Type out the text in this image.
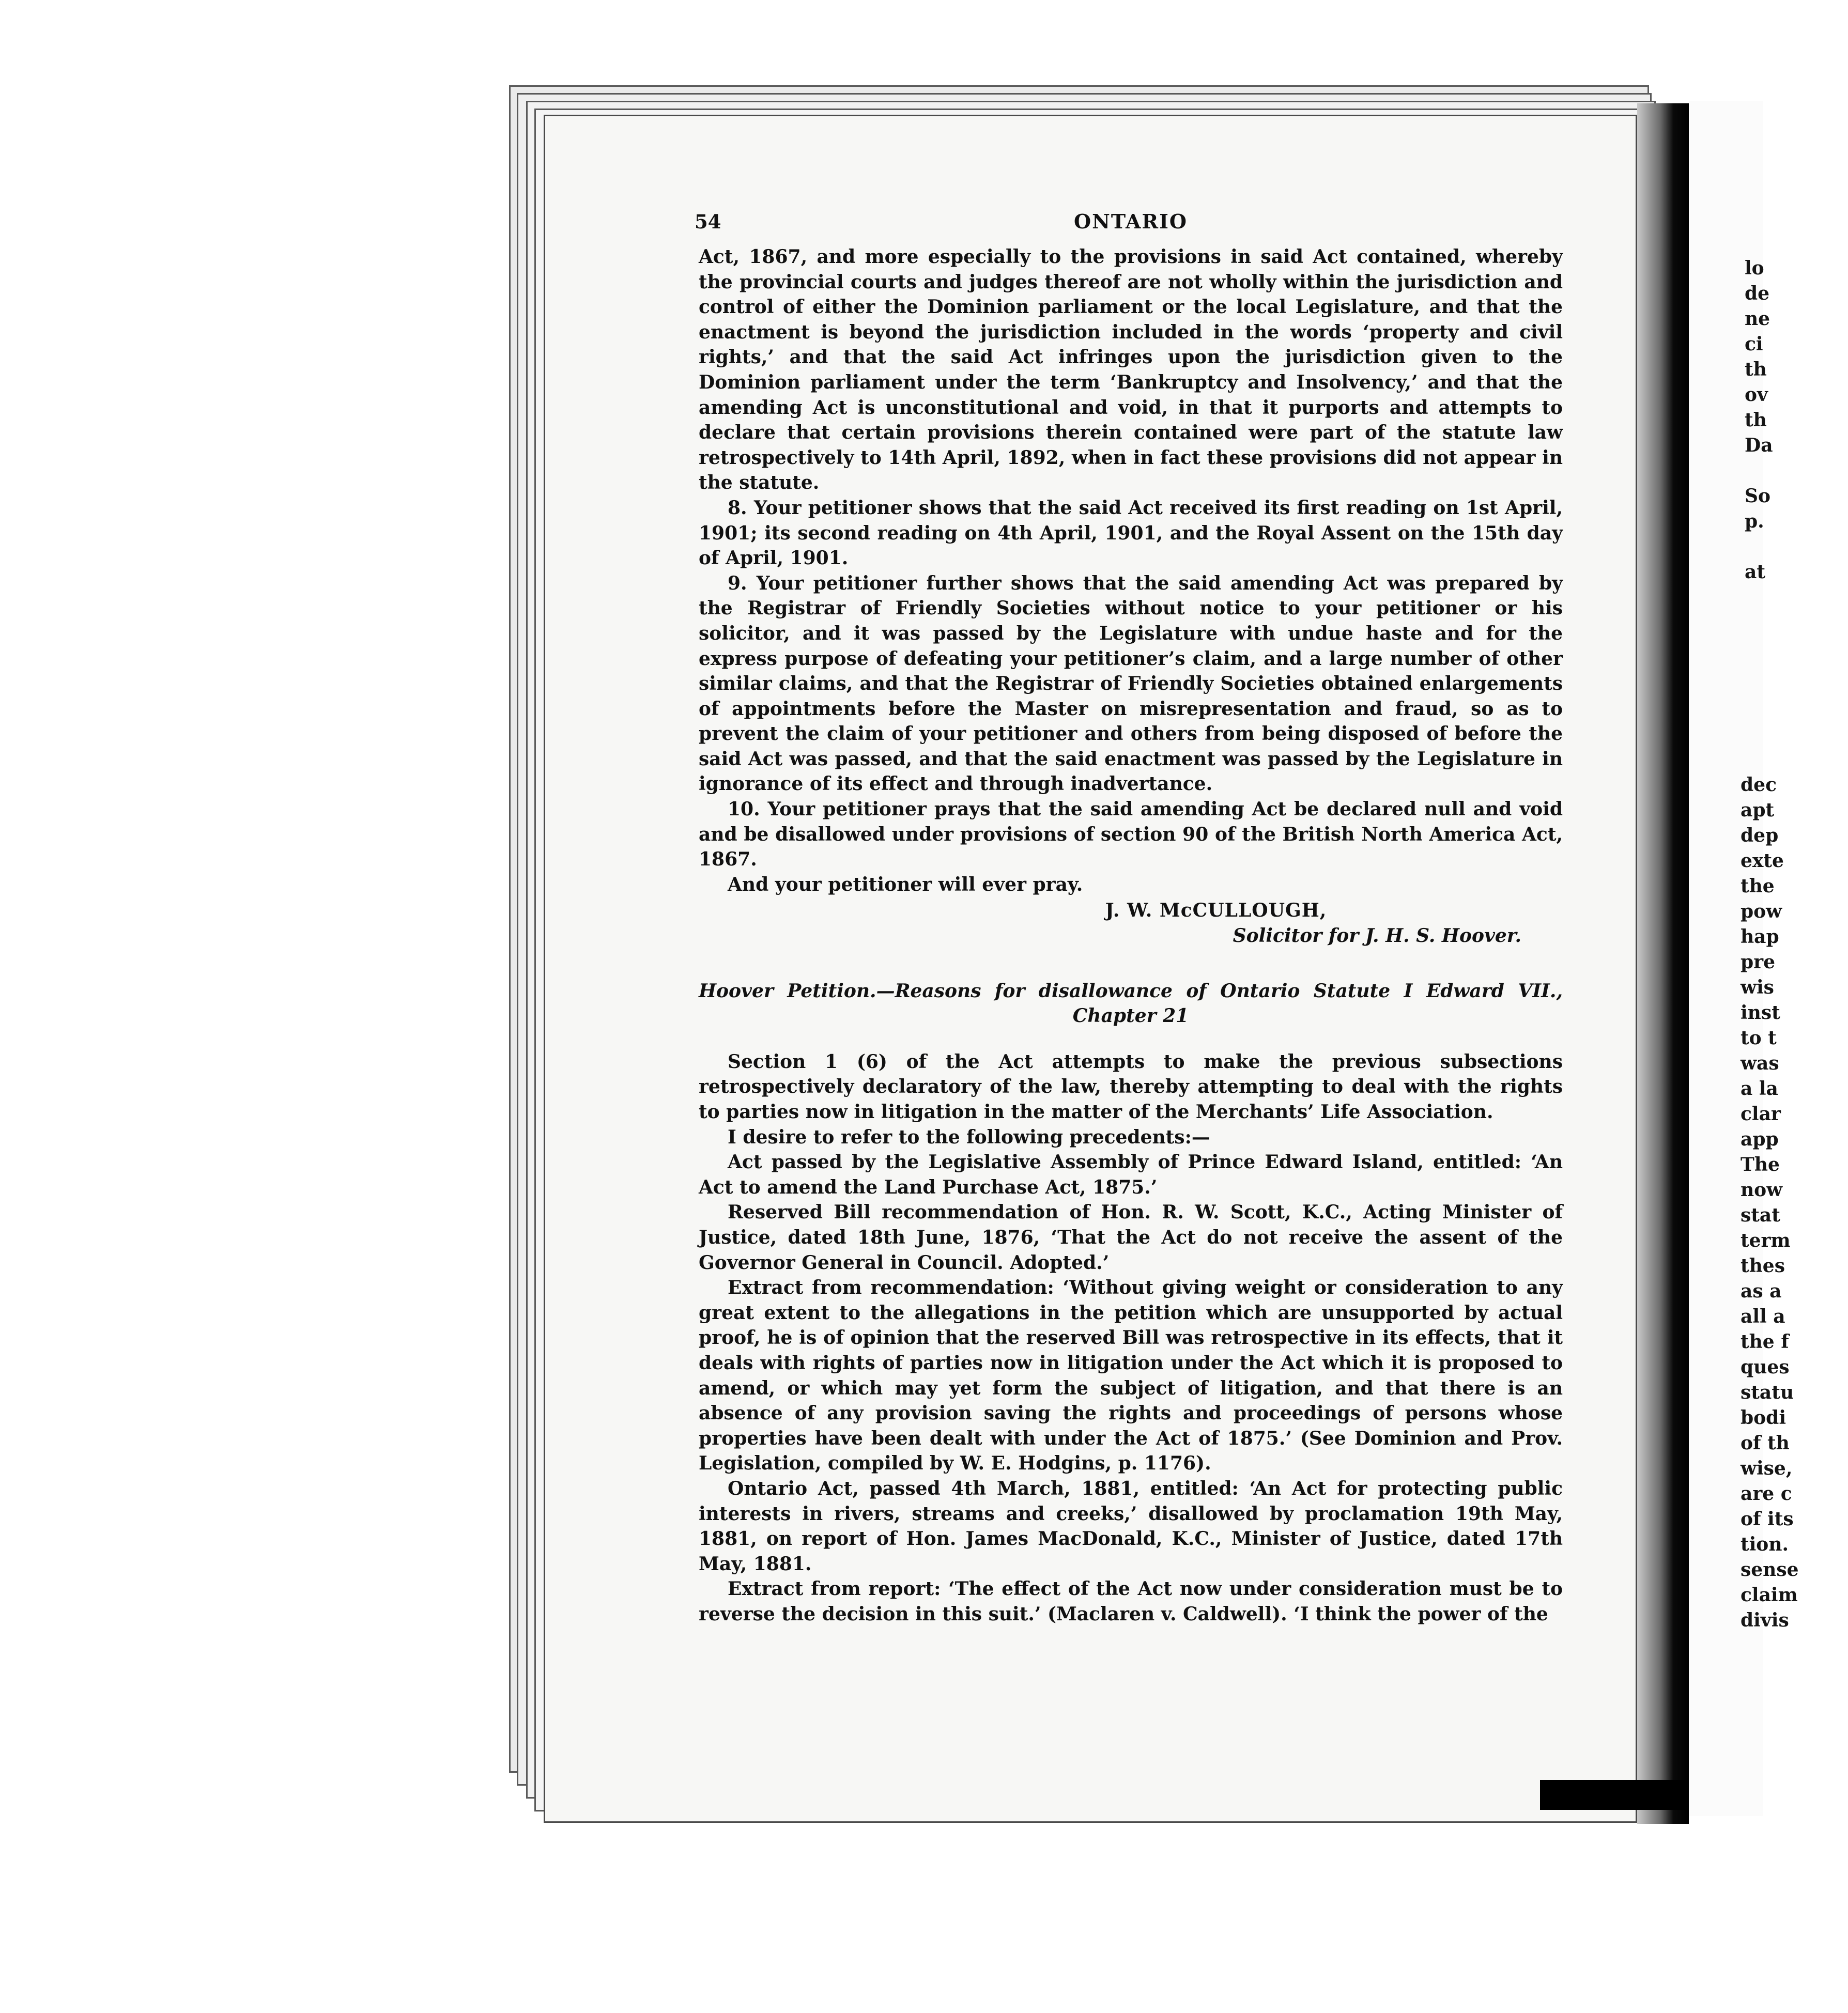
lo
de
ne
ci
th
ov
th
Da

So
p.

at
dec
apt
dep
exte
the
pow
hap
pre
wis
inst
to t
was
a la
clar
app
The
now
stat
term
thes
as a
all a
the f
ques
statu
bodi
of th
wise,
are c
of its
tion.
sense
claim
divis
54	ONTARIO

Act, 1867, and more especially to the provisions in said Act contained, whereby the provincial courts and judges thereof are not wholly within the jurisdiction and control of either the Dominion parliament or the local Legislature, and that the enactment is beyond the jurisdiction included in the words ‘property and civil rights,’ and that the said Act infringes upon the jurisdiction given to the Dominion parliament under the term ‘Bankruptcy and Insolvency,’ and that the amending Act is unconstitutional and void, in that it purports and attempts to declare that certain provisions therein contained were part of the statute law retrospectively to 14th April, 1892, when in fact these provisions did not appear in the statute.

8. Your petitioner shows that the said Act received its first reading on 1st April, 1901; its second reading on 4th April, 1901, and the Royal Assent on the 15th day of April, 1901.

9. Your petitioner further shows that the said amending Act was prepared by the Registrar of Friendly Societies without notice to your petitioner or his solicitor, and it was passed by the Legislature with undue haste and for the express purpose of defeating your petitioner’s claim, and a large number of other similar claims, and that the Registrar of Friendly Societies obtained enlargements of appointments before the Master on misrepresentation and fraud, so as to prevent the claim of your petitioner and others from being disposed of before the said Act was passed, and that the said enactment was passed by the Legislature in ignorance of its effect and through inadvertance.

10. Your petitioner prays that the said amending Act be declared null and void and be disallowed under provisions of section 90 of the British North America Act, 1867.

And your petitioner will ever pray.

J. W. McCULLOUGH,

Solicitor for J. H. S. Hoover.

Hoover Petition.—Reasons for disallowance of Ontario Statute I Edward VII.,
Chapter 21

Section 1 (6) of the Act attempts to make the previous subsections retrospectively declaratory of the law, thereby attempting to deal with the rights to parties now in litigation in the matter of the Merchants’ Life Association.

I desire to refer to the following precedents:—

Act passed by the Legislative Assembly of Prince Edward Island, entitled: ‘An Act to amend the Land Purchase Act, 1875.’

Reserved Bill recommendation of Hon. R. W. Scott, K.C., Acting Minister of Justice, dated 18th June, 1876, ‘That the Act do not receive the assent of the Governor General in Council. Adopted.’

Extract from recommendation: ‘Without giving weight or consideration to any great extent to the allegations in the petition which are unsupported by actual proof, he is of opinion that the reserved Bill was retrospective in its effects, that it deals with rights of parties now in litigation under the Act which it is proposed to amend, or which may yet form the subject of litigation, and that there is an absence of any provision saving the rights and proceedings of persons whose properties have been dealt with under the Act of 1875.’ (See Dominion and Prov. Legislation, compiled by W. E. Hodgins, p. 1176).

Ontario Act, passed 4th March, 1881, entitled: ‘An Act for protecting public interests in rivers, streams and creeks,’ disallowed by proclamation 19th May, 1881, on report of Hon. James MacDonald, K.C., Minister of Justice, dated 17th May, 1881.

Extract from report: ‘The effect of the Act now under consideration must be to reverse the decision in this suit.’ (Maclaren v. Caldwell). ‘I think the power of the
